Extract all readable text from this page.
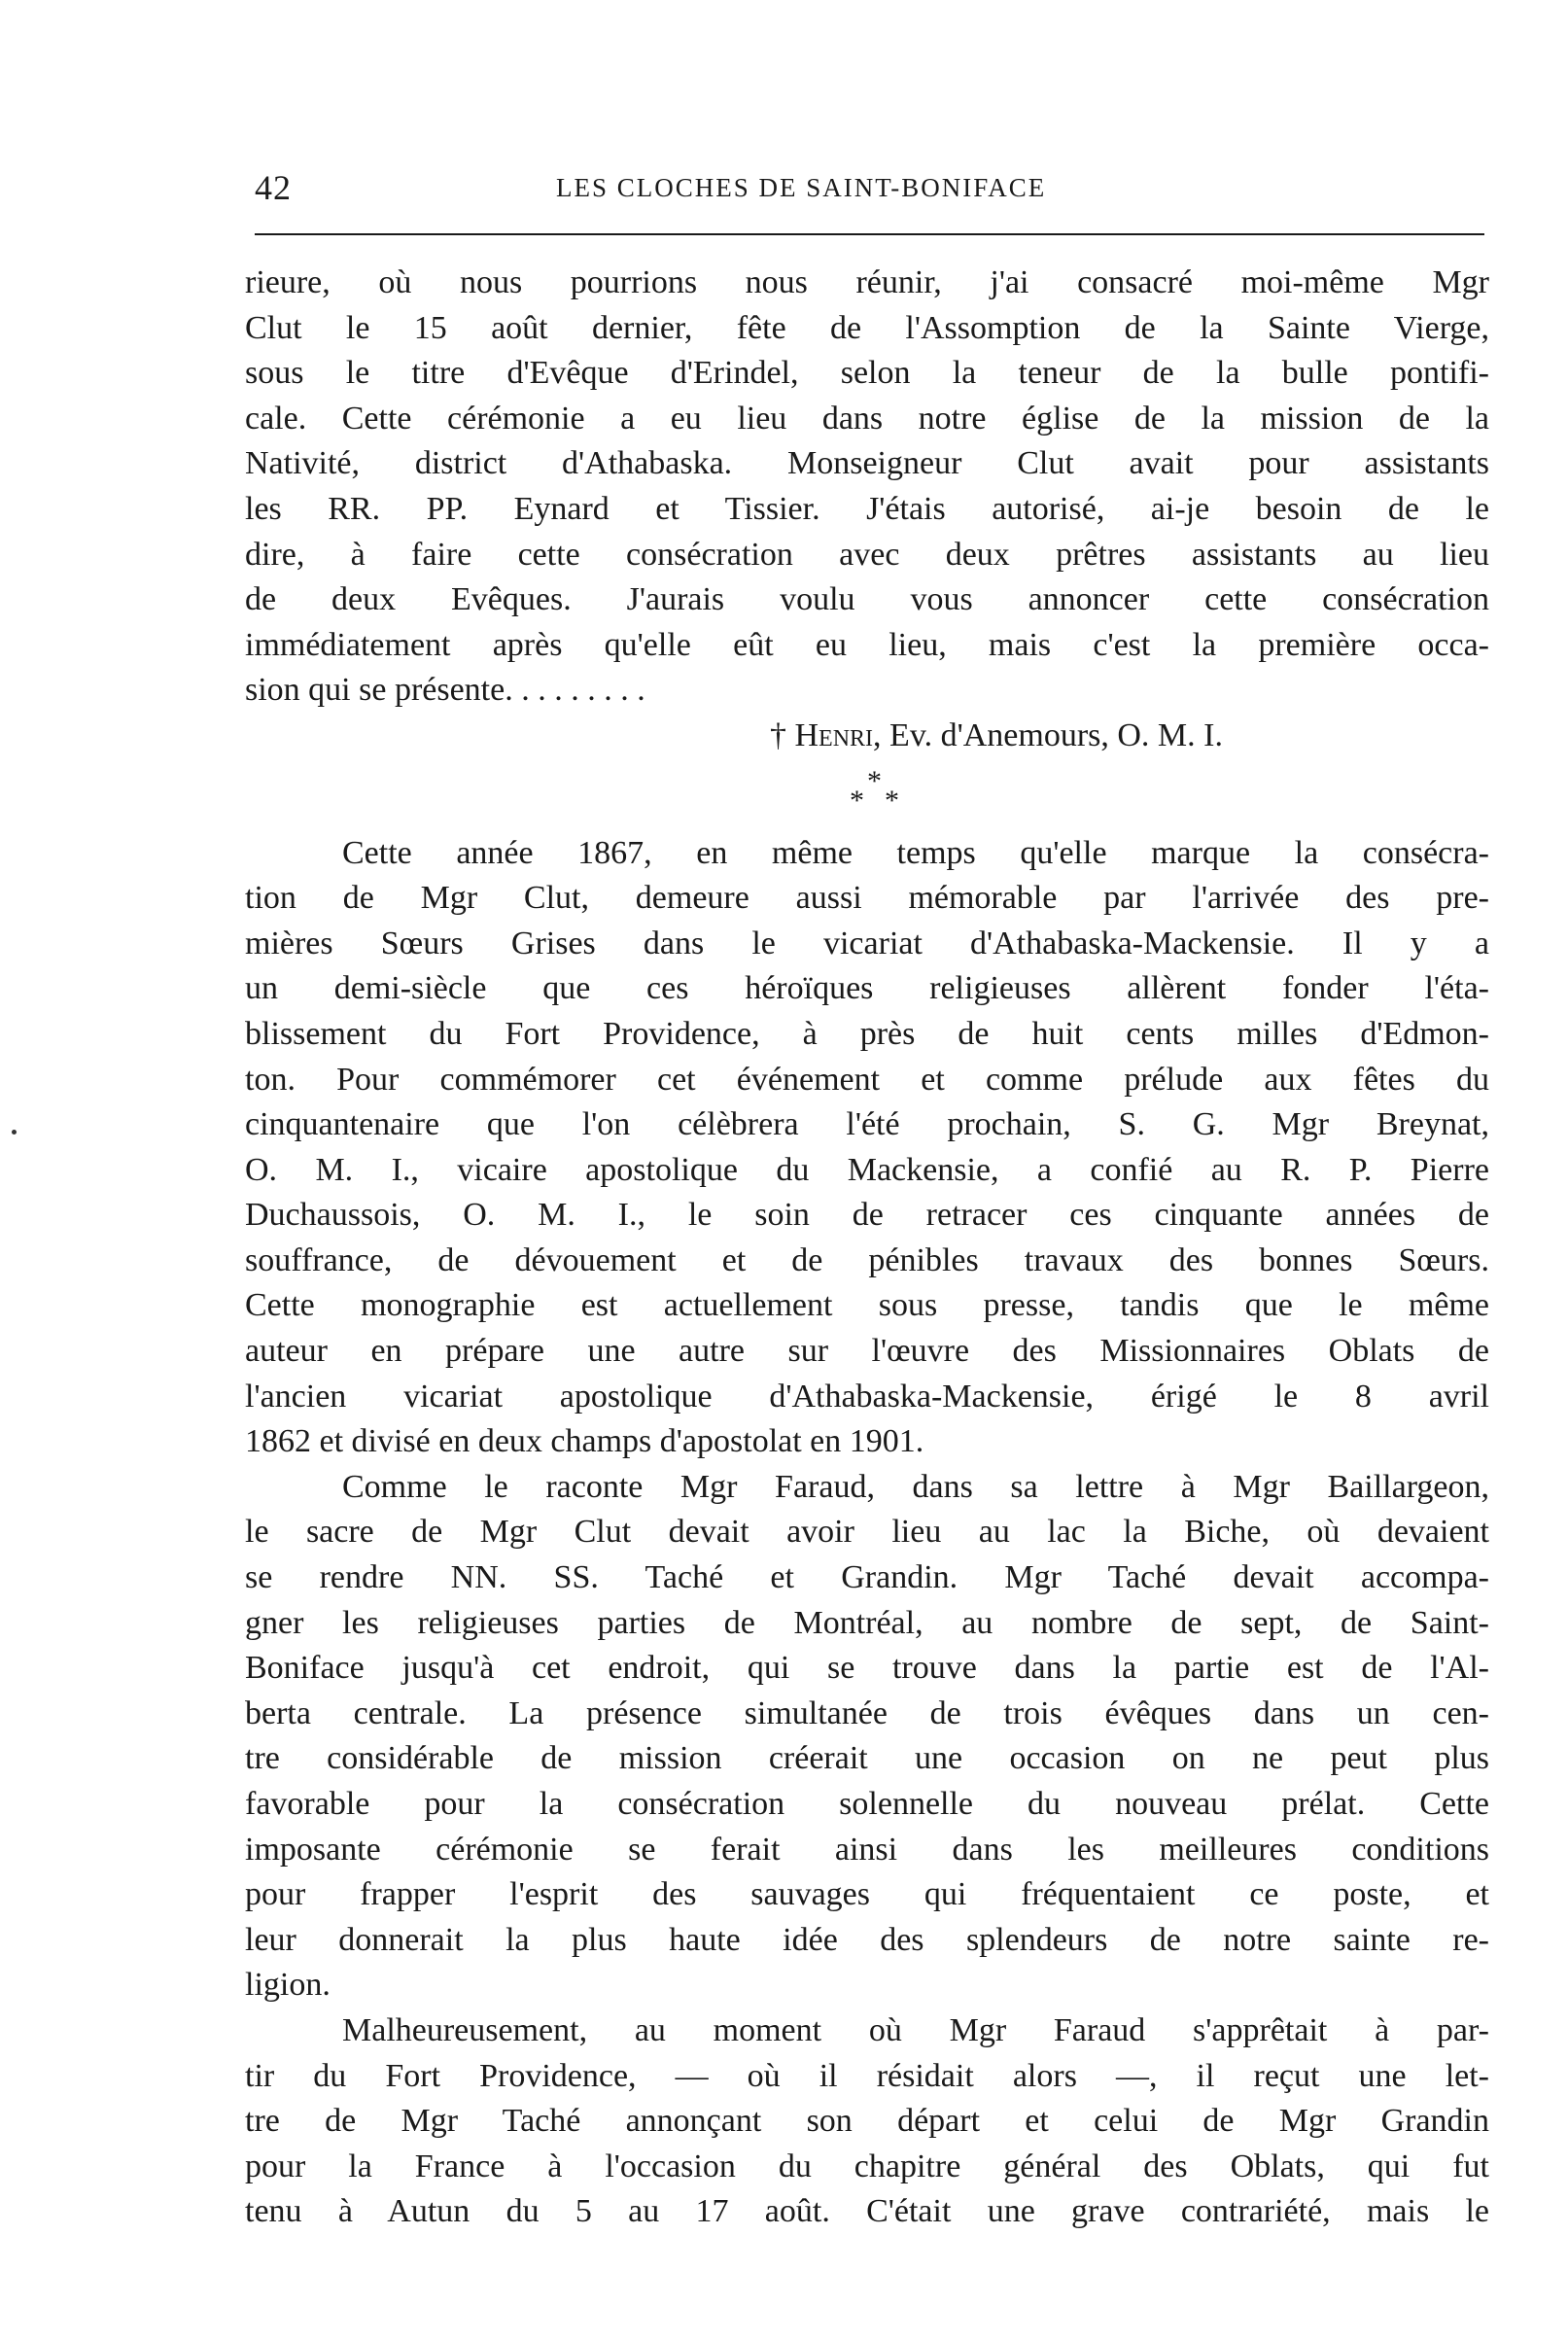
42	LES CLOCHES DE SAINT-BONIFACE
rieure, où nous pourrions nous réunir, j'ai consacré moi-même Mgr
Clut le 15 août dernier, fête de l'Assomption de la Sainte Vierge,
sous le titre d'Evêque d'Erindel, selon la teneur de la bulle pontifi-
cale. Cette cérémonie a eu lieu dans notre église de la mission de la
Nativité, district d'Athabaska. Monseigneur Clut avait pour assistants
les RR. PP. Eynard et Tissier. J'étais autorisé, ai-je besoin de le
dire, à faire cette consécration avec deux prêtres assistants au lieu
de deux Evêques. J'aurais voulu vous annoncer cette consécration
immédiatement après qu'elle eût eu lieu, mais c'est la première occa-
sion qui se présente. . . . . . . . .
† Henri, Ev. d'Anemours, O. M. I.
*
* *
Cette année 1867, en même temps qu'elle marque la consécra-
tion de Mgr Clut, demeure aussi mémorable par l'arrivée des pre-
mières Sœurs Grises dans le vicariat d'Athabaska-Mackensie. Il y a
un demi-siècle que ces héroïques religieuses allèrent fonder l'éta-
blissement du Fort Providence, à près de huit cents milles d'Edmon-
ton. Pour commémorer cet événement et comme prélude aux fêtes du
cinquantenaire que l'on célèbrera l'été prochain, S. G. Mgr Breynat,
O. M. I., vicaire apostolique du Mackensie, a confié au R. P. Pierre
Duchaussois, O. M. I., le soin de retracer ces cinquante années de
souffrance, de dévouement et de pénibles travaux des bonnes Sœurs.
Cette monographie est actuellement sous presse, tandis que le même
auteur en prépare une autre sur l'œuvre des Missionnaires Oblats de
l'ancien vicariat apostolique d'Athabaska-Mackensie, érigé le 8 avril
1862 et divisé en deux champs d'apostolat en 1901.
Comme le raconte Mgr Faraud, dans sa lettre à Mgr Baillargeon,
le sacre de Mgr Clut devait avoir lieu au lac la Biche, où devaient
se rendre NN. SS. Taché et Grandin. Mgr Taché devait accompa-
gner les religieuses parties de Montréal, au nombre de sept, de Saint-
Boniface jusqu'à cet endroit, qui se trouve dans la partie est de l'Al-
berta centrale. La présence simultanée de trois évêques dans un cen-
tre considérable de mission créerait une occasion on ne peut plus
favorable pour la consécration solennelle du nouveau prélat. Cette
imposante cérémonie se ferait ainsi dans les meilleures conditions
pour frapper l'esprit des sauvages qui fréquentaient ce poste, et
leur donnerait la plus haute idée des splendeurs de notre sainte re-
ligion.
Malheureusement, au moment où Mgr Faraud s'apprêtait à par-
tir du Fort Providence, — où il résidait alors —, il reçut une let-
tre de Mgr Taché annonçant son départ et celui de Mgr Grandin
pour la France à l'occasion du chapitre général des Oblats, qui fut
tenu à Autun du 5 au 17 août. C'était une grave contrariété, mais le
